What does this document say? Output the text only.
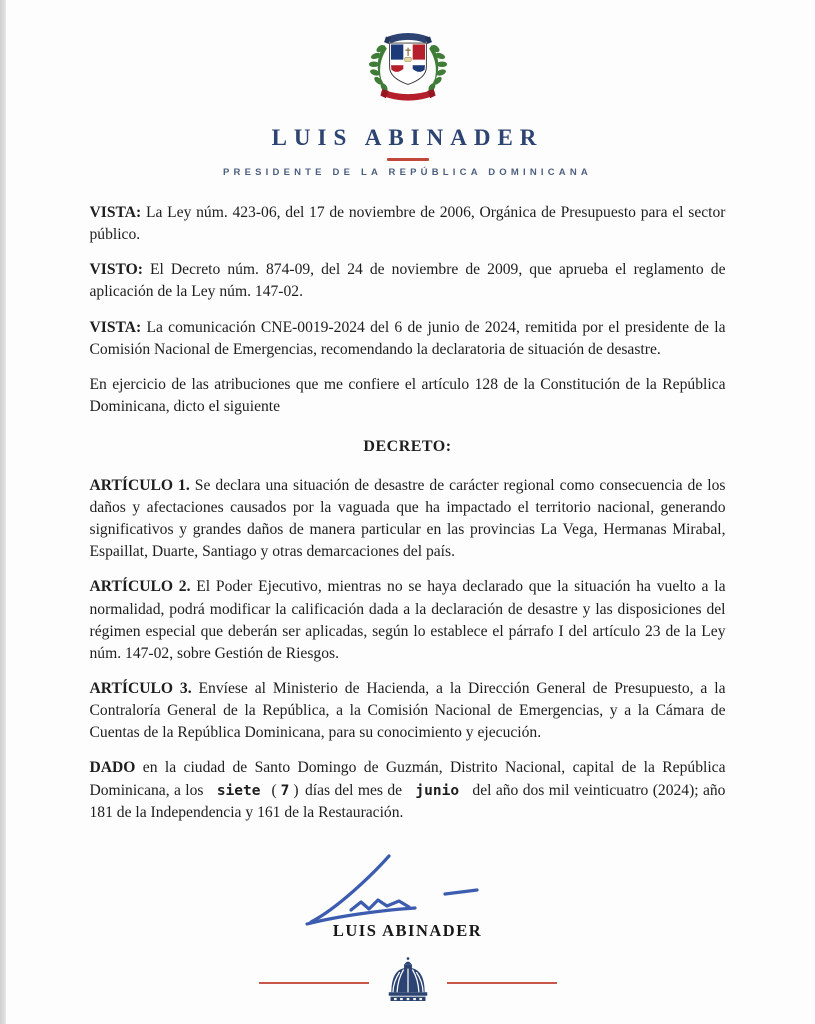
LUIS ABINADER
PRESIDENTE DE LA REPÚBLICA DOMINICANA

VISTA: La Ley núm. 423-06, del 17 de noviembre de 2006, Orgánica de Presupuesto para el sector público.

VISTO: El Decreto núm. 874-09, del 24 de noviembre de 2009, que aprueba el reglamento de aplicación de la Ley núm. 147-02.

VISTA: La comunicación CNE-0019-2024 del 6 de junio de 2024, remitida por el presidente de la Comisión Nacional de Emergencias, recomendando la declaratoria de situación de desastre.

En ejercicio de las atribuciones que me confiere el artículo 128 de la Constitución de la República Dominicana, dicto el siguiente

DECRETO:

ARTÍCULO 1. Se declara una situación de desastre de carácter regional como consecuencia de los daños y afectaciones causados por la vaguada que ha impactado el territorio nacional, generando significativos y grandes daños de manera particular en las provincias La Vega, Hermanas Mirabal, Espaillat, Duarte, Santiago y otras demarcaciones del país.

ARTÍCULO 2. El Poder Ejecutivo, mientras no se haya declarado que la situación ha vuelto a la normalidad, podrá modificar la calificación dada a la declaración de desastre y las disposiciones del régimen especial que deberán ser aplicadas, según lo establece el párrafo I del artículo 23 de la Ley núm. 147-02, sobre Gestión de Riesgos.

ARTÍCULO 3. Envíese al Ministerio de Hacienda, a la Dirección General de Presupuesto, a la Contraloría General de la República, a la Comisión Nacional de Emergencias, y a la Cámara de Cuentas de la República Dominicana, para su conocimiento y ejecución.

DADO en la ciudad de Santo Domingo de Guzmán, Distrito Nacional, capital de la República Dominicana, a los siete ( 7 ) días del mes de junio del año dos mil veinticuatro (2024); año 181 de la Independencia y 161 de la Restauración.

LUIS ABINADER
